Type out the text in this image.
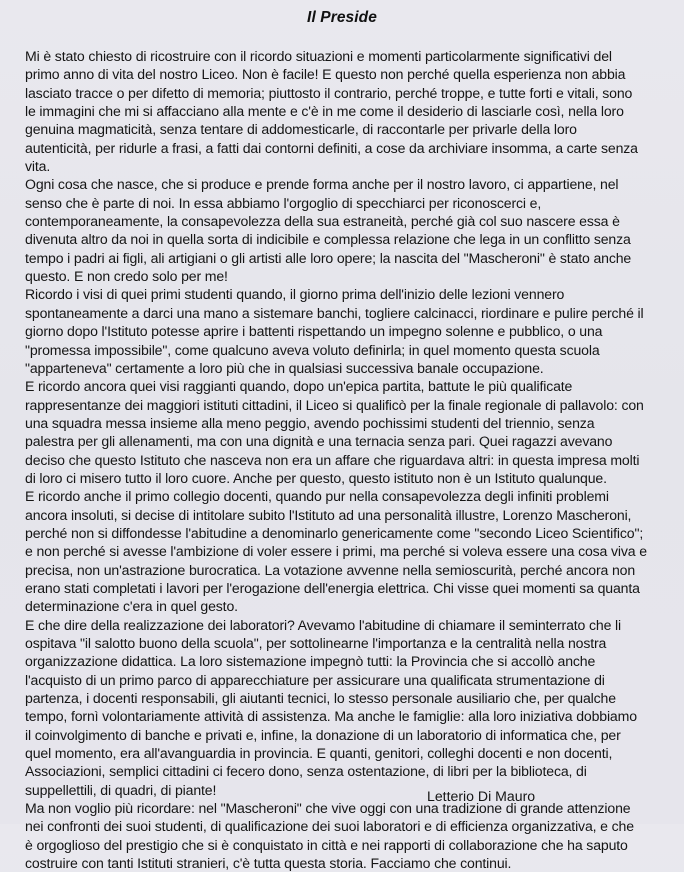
Il Preside
Mi è stato chiesto di ricostruire con il ricordo situazioni e momenti particolarmente significativi del
primo anno di vita del nostro Liceo. Non è facile! E questo non perché quella esperienza non abbia
lasciato tracce o per difetto di memoria; piuttosto il contrario, perché troppe, e tutte forti e vitali, sono
le immagini che mi si affacciano alla mente e c'è in me come il desiderio di lasciarle così, nella loro
genuina magmaticità, senza tentare di addomesticarle, di raccontarle per privarle della loro
autenticità, per ridurle a frasi, a fatti dai contorni definiti, a cose da archiviare insomma, a carte senza
vita.
Ogni cosa che nasce, che si produce e prende forma anche per il nostro lavoro, ci appartiene, nel
senso che è parte di noi. In essa abbiamo l'orgoglio di specchiarci per riconoscerci e,
contemporaneamente, la consapevolezza della sua estraneità, perché già col suo nascere essa è
divenuta altro da noi in quella sorta di indicibile e complessa relazione che lega in un conflitto senza
tempo i padri ai figli, ali artigiani o gli artisti alle loro opere; la nascita del "Mascheroni" è stato anche
questo. E non credo solo per me!
Ricordo i visi di quei primi studenti quando, il giorno prima dell'inizio delle lezioni vennero
spontaneamente a darci una mano a sistemare banchi, togliere calcinacci, riordinare e pulire perché il
giorno dopo l'Istituto potesse aprire i battenti rispettando un impegno solenne e pubblico, o una
"promessa impossibile", come qualcuno aveva voluto definirla; in quel momento questa scuola
"apparteneva" certamente a loro più che in qualsiasi successiva banale occupazione.
E ricordo ancora quei visi raggianti quando, dopo un'epica partita, battute le più qualificate
rappresentanze dei maggiori istituti cittadini, il Liceo si qualificò per la finale regionale di pallavolo: con
una squadra messa insieme alla meno peggio, avendo pochissimi studenti del triennio, senza
palestra per gli allenamenti, ma con una dignità e una ternacia senza pari. Quei ragazzi avevano
deciso che questo Istituto che nasceva non era un affare che riguardava altri: in questa impresa molti
di loro ci misero tutto il loro cuore. Anche per questo, questo istituto non è un Istituto qualunque.
E ricordo anche il primo collegio docenti, quando pur nella consapevolezza degli infiniti problemi
ancora insoluti, si decise di intitolare subito l'Istituto ad una personalità illustre, Lorenzo Mascheroni,
perché non si diffondesse l'abitudine a denominarlo genericamente come "secondo Liceo Scientifico";
e non perché si avesse l'ambizione di voler essere i primi, ma perché si voleva essere una cosa viva e
precisa, non un'astrazione burocratica. La votazione avvenne nella semioscurità, perché ancora non
erano stati completati i lavori per l'erogazione dell'energia elettrica. Chi visse quei momenti sa quanta
determinazione c'era in quel gesto.
E che dire della realizzazione dei laboratori? Avevamo l'abitudine di chiamare il seminterrato che li
ospitava "il salotto buono della scuola", per sottolinearne l'importanza e la centralità nella nostra
organizzazione didattica. La loro sistemazione impegnò tutti: la Provincia che si accollò anche
l'acquisto di un primo parco di apparecchiature per assicurare una qualificata strumentazione di
partenza, i docenti responsabili, gli aiutanti tecnici, lo stesso personale ausiliario che, per qualche
tempo, fornì volontariamente attività di assistenza. Ma anche le famiglie: alla loro iniziativa dobbiamo
il coinvolgimento di banche e privati e, infine, la donazione di un laboratorio di informatica che, per
quel momento, era all'avanguardia in provincia. E quanti, genitori, colleghi docenti e non docenti,
Associazioni, semplici cittadini ci fecero dono, senza ostentazione, di libri per la biblioteca, di
suppellettili, di quadri, di piante!
Ma non voglio più ricordare: nel "Mascheroni" che vive oggi con una tradizione di grande attenzione
nei confronti dei suoi studenti, di qualificazione dei suoi laboratori e di efficienza organizzativa, e che
è orgoglioso del prestigio che si è conquistato in città e nei rapporti di collaborazione che ha saputo
costruire con tanti Istituti stranieri, c'è tutta questa storia. Facciamo che continui.

Letterio Di Mauro
